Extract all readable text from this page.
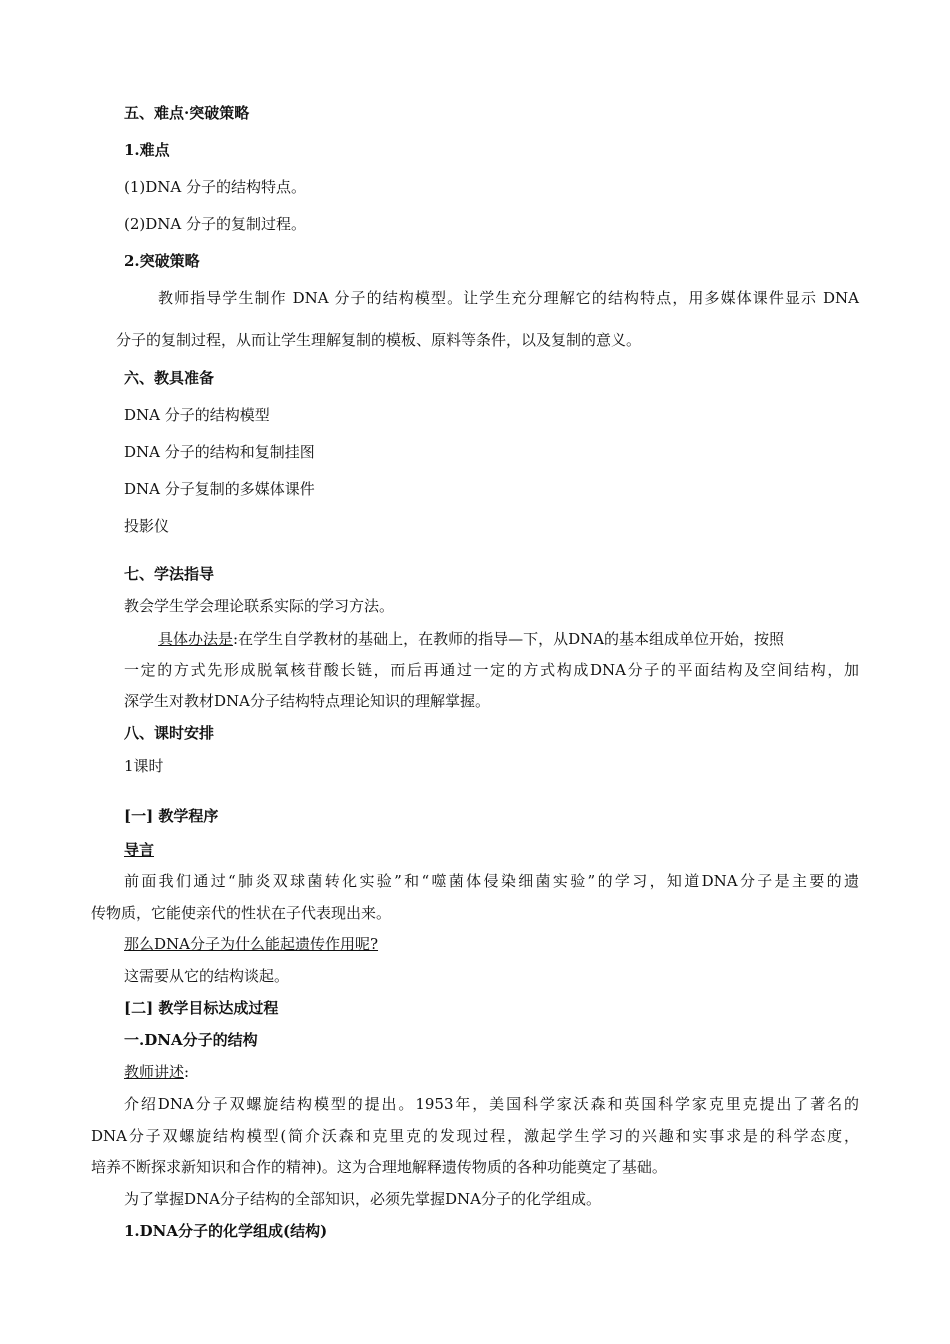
五、难点·突破策略
1.难点
(1)DNA 分子的结构特点。
(2)DNA 分子的复制过程。
2.突破策略
教师指导学生制作 DNA 分子的结构模型。让学生充分理解它的结构特点，用多媒体课件显示 DNA
分子的复制过程，从而让学生理解复制的模板、原料等条件，以及复制的意义。
六、教具准备
DNA 分子的结构模型
DNA 分子的结构和复制挂图
DNA 分子复制的多媒体课件
投影仪
七、学法指导
教会学生学会理论联系实际的学习方法。
具体办法是:在学生自学教材的基础上，在教师的指导—下，从DNA的基本组成单位开始，按照
一定的方式先形成脱氧核苷酸长链，而后再通过一定的方式构成DNA分子的平面结构及空间结构，加
深学生对教材DNA分子结构特点理论知识的理解掌握。
八、课时安排
1课时
[一] 教学程序
导言
前面我们通过“肺炎双球菌转化实验”和“噬菌体侵染细菌实验”的学习，知道DNA分子是主要的遗
传物质，它能使亲代的性状在子代表现出来。
那么DNA分子为什么能起遗传作用呢?
这需要从它的结构谈起。
[二] 教学目标达成过程
一.DNA分子的结构
教师讲述:
介绍DNA分子双螺旋结构模型的提出。1953年，美国科学家沃森和英国科学家克里克提出了著名的
DNA分子双螺旋结构模型(简介沃森和克里克的发现过程，激起学生学习的兴趣和实事求是的科学态度，
培养不断探求新知识和合作的精神)。这为合理地解释遗传物质的各种功能奠定了基础。
为了掌握DNA分子结构的全部知识，必须先掌握DNA分子的化学组成。
1.DNA分子的化学组成(结构)
